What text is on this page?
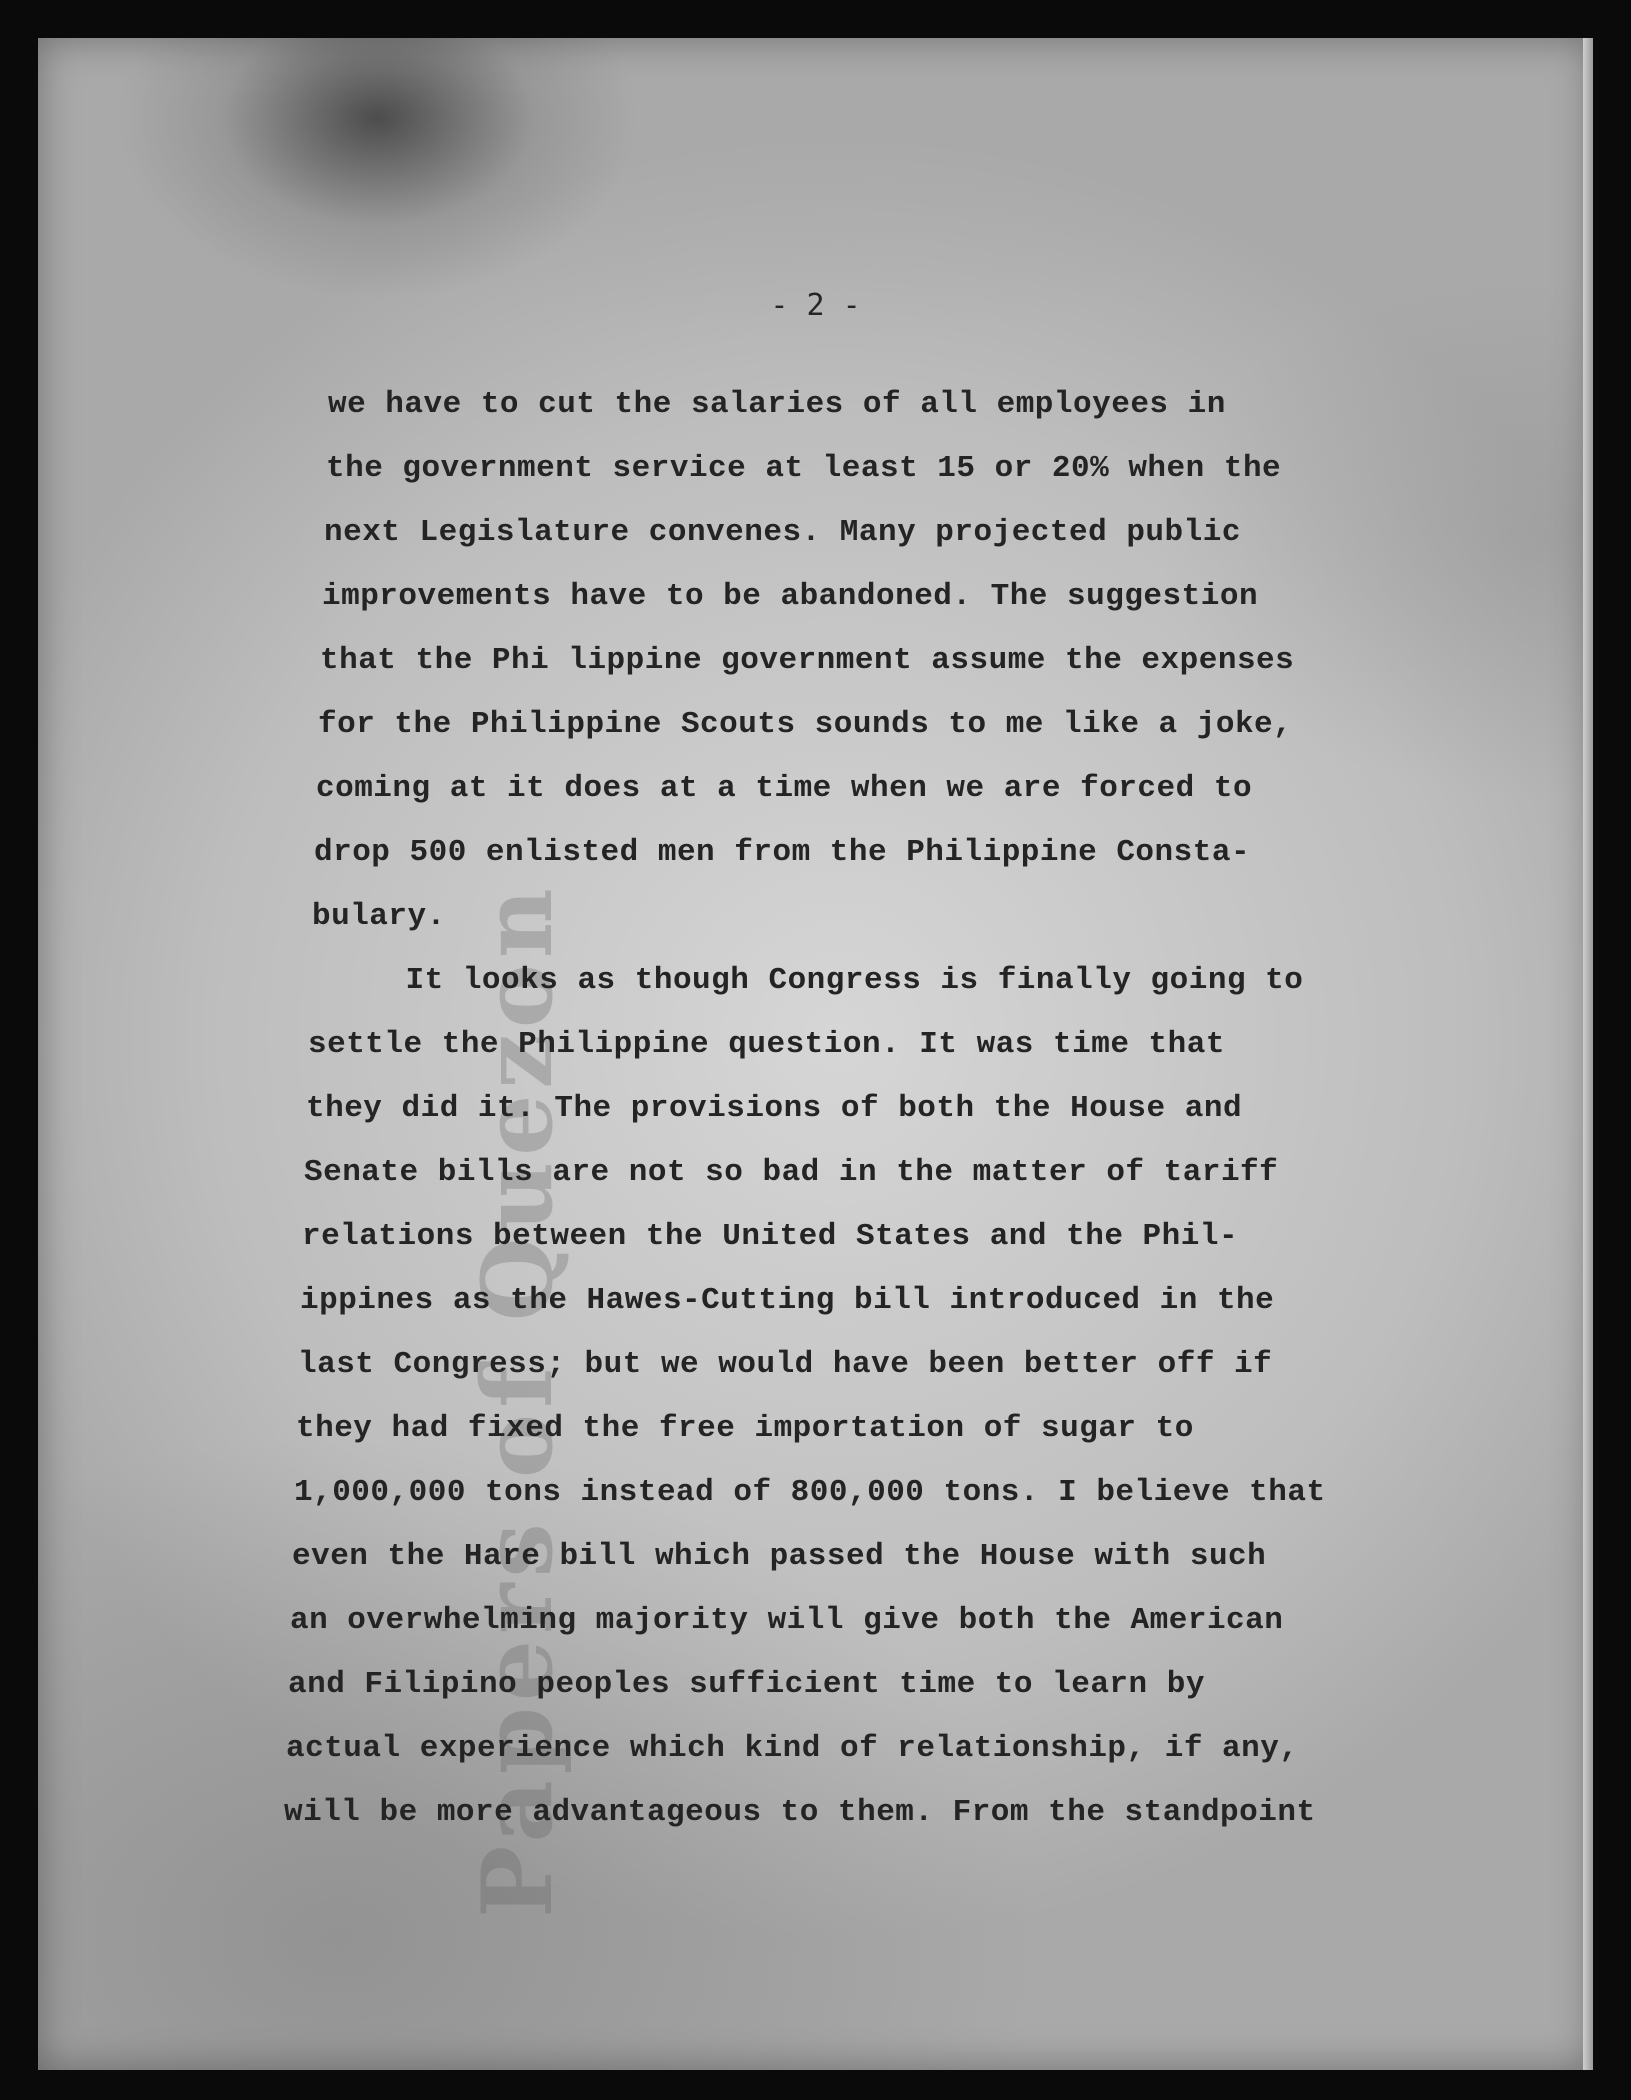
Papers of Quezon
- 2 -
we have to cut the salaries of all employees in
the government service at least 15 or 20% when the
next Legislature convenes. Many projected public
improvements have to be abandoned. The suggestion
that the Phi lippine government assume the expenses
for the Philippine Scouts sounds to me like a joke,
coming at it does at a time when we are forced to
drop 500 enlisted men from the Philippine Consta-
bulary.
It looks as though Congress is finally going to
settle the Philippine question. It was time that
they did it. The provisions of both the House and
Senate bills are not so bad in the matter of tariff
relations between the United States and the Phil-
ippines as the Hawes-Cutting bill introduced in the
last Congress; but we would have been better off if
they had fixed the free importation of sugar to
1,000,000 tons instead of 800,000 tons. I believe that
even the Hare bill which passed the House with such
an overwhelming majority will give both the American
and Filipino peoples sufficient time to learn by
actual experience which kind of relationship, if any,
will be more advantageous to them. From the standpoint
